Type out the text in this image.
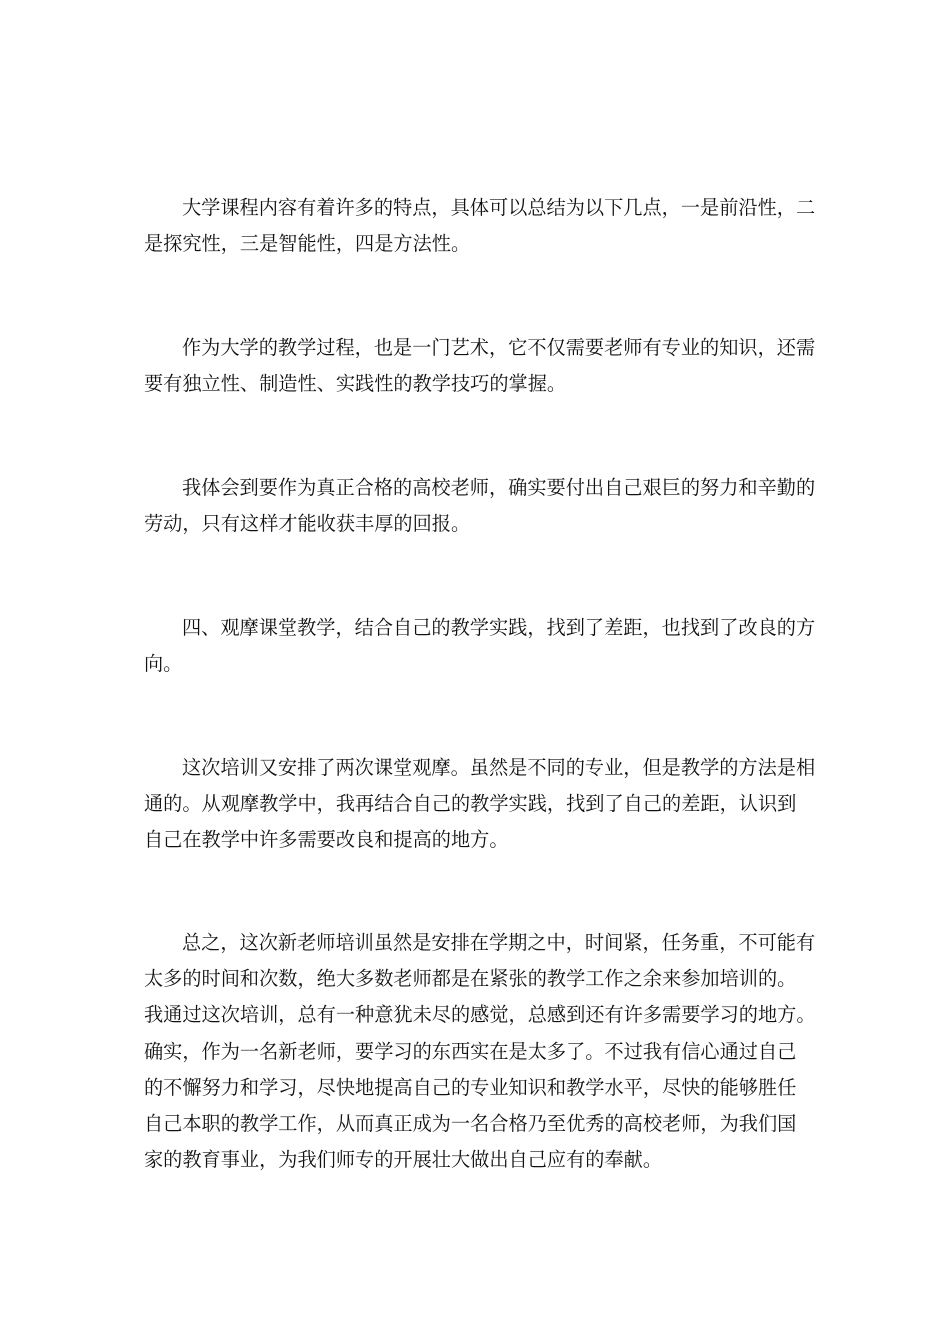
大学课程内容有着许多的特点，具体可以总结为以下几点，一是前沿性，二
是探究性，三是智能性，四是方法性。
作为大学的教学过程，也是一门艺术，它不仅需要老师有专业的知识，还需
要有独立性、制造性、实践性的教学技巧的掌握。
我体会到要作为真正合格的高校老师，确实要付出自己艰巨的努力和辛勤的
劳动，只有这样才能收获丰厚的回报。
四、观摩课堂教学，结合自己的教学实践，找到了差距，也找到了改良的方
向。
这次培训又安排了两次课堂观摩。虽然是不同的专业，但是教学的方法是相
通的。从观摩教学中，我再结合自己的教学实践，找到了自己的差距，认识到
自己在教学中许多需要改良和提高的地方。
总之，这次新老师培训虽然是安排在学期之中，时间紧，任务重，不可能有
太多的时间和次数，绝大多数老师都是在紧张的教学工作之余来参加培训的。
我通过这次培训，总有一种意犹未尽的感觉，总感到还有许多需要学习的地方。
确实，作为一名新老师，要学习的东西实在是太多了。不过我有信心通过自己
的不懈努力和学习，尽快地提高自己的专业知识和教学水平，尽快的能够胜任
自己本职的教学工作，从而真正成为一名合格乃至优秀的高校老师，为我们国
家的教育事业，为我们师专的开展壮大做出自己应有的奉献。
